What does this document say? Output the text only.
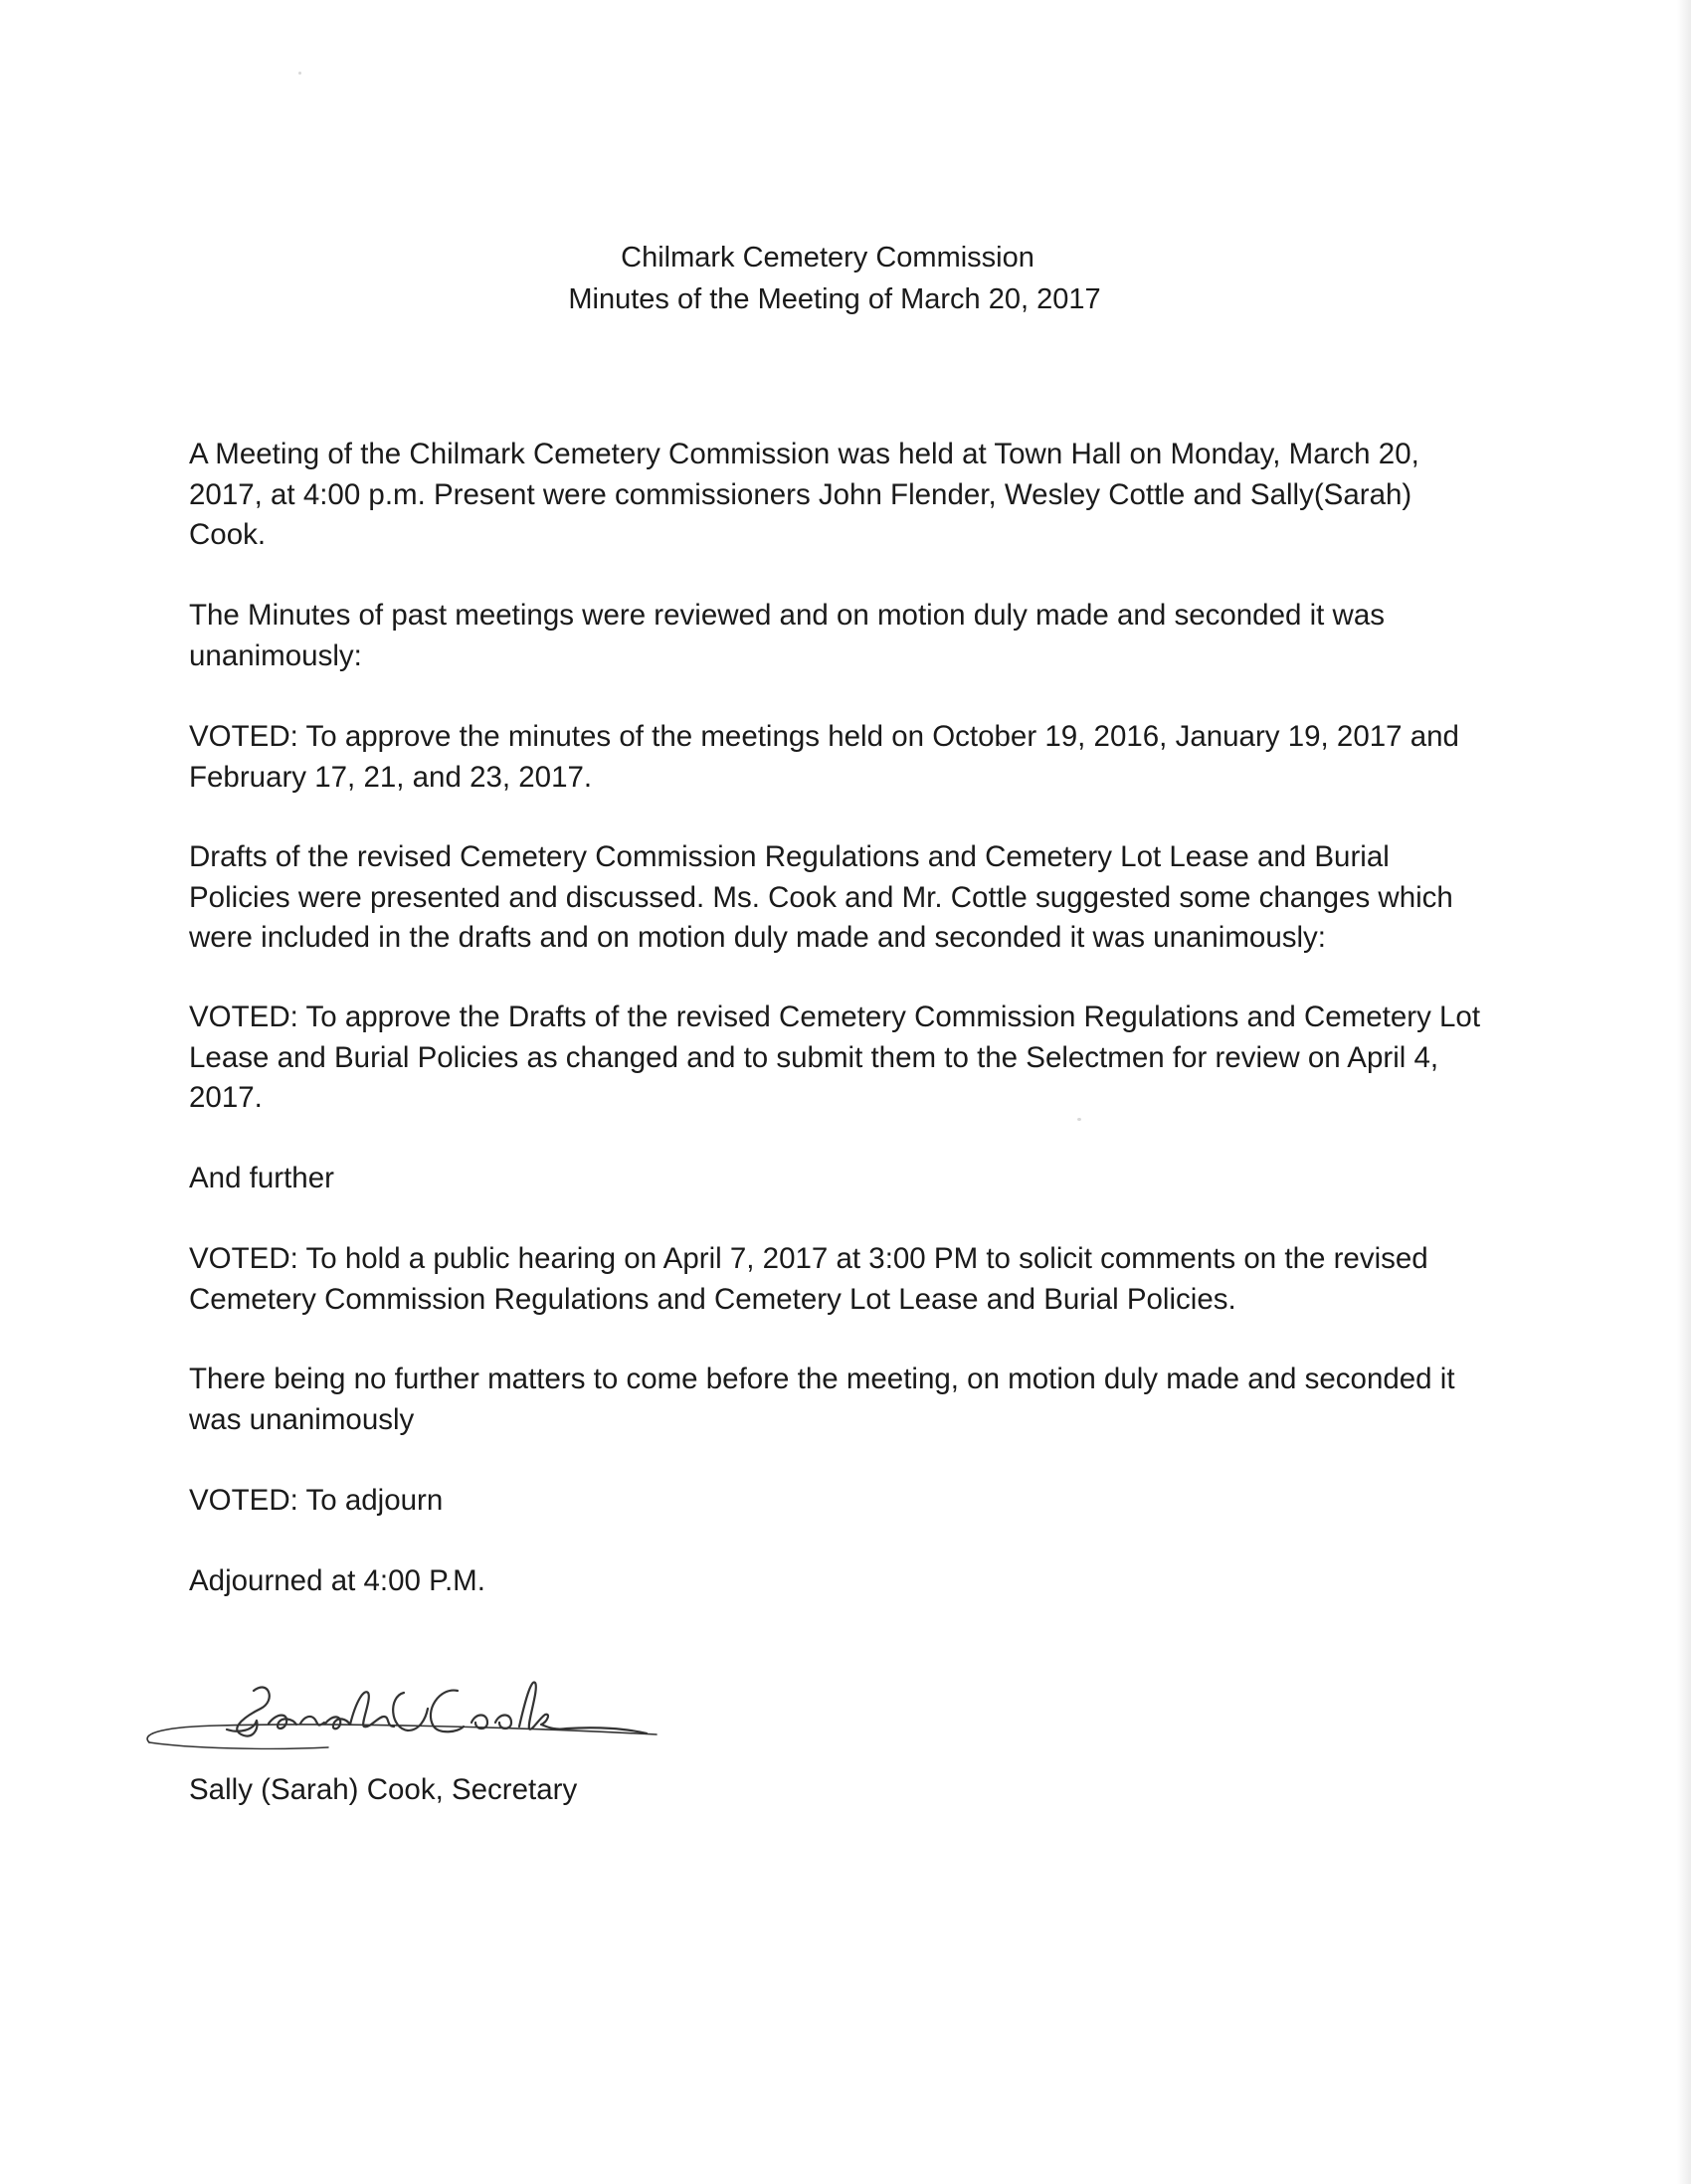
Chilmark Cemetery Commission
Minutes of the Meeting of March 20, 2017

A Meeting of the Chilmark Cemetery Commission was held at Town Hall on Monday, March 20, 2017, at 4:00 p.m. Present were commissioners John Flender, Wesley Cottle and Sally(Sarah) Cook.

The Minutes of past meetings were reviewed and on motion duly made and seconded it was unanimously:

VOTED: To approve the minutes of the meetings held on October 19, 2016, January 19, 2017 and February 17, 21, and 23, 2017.

Drafts of the revised Cemetery Commission Regulations and Cemetery Lot Lease and Burial Policies were presented and discussed. Ms. Cook and Mr. Cottle suggested some changes which were included in the drafts and on motion duly made and seconded it was unanimously:

VOTED: To approve the Drafts of the revised Cemetery Commission Regulations and Cemetery Lot Lease and Burial Policies as changed and to submit them to the Selectmen for review on April 4, 2017.

And further

VOTED: To hold a public hearing on April 7, 2017 at 3:00 PM to solicit comments on the revised Cemetery Commission Regulations and Cemetery Lot Lease and Burial Policies.

There being no further matters to come before the meeting, on motion duly made and seconded it was unanimously

VOTED: To adjourn

Adjourned at 4:00 P.M.

Sally (Sarah) Cook, Secretary
